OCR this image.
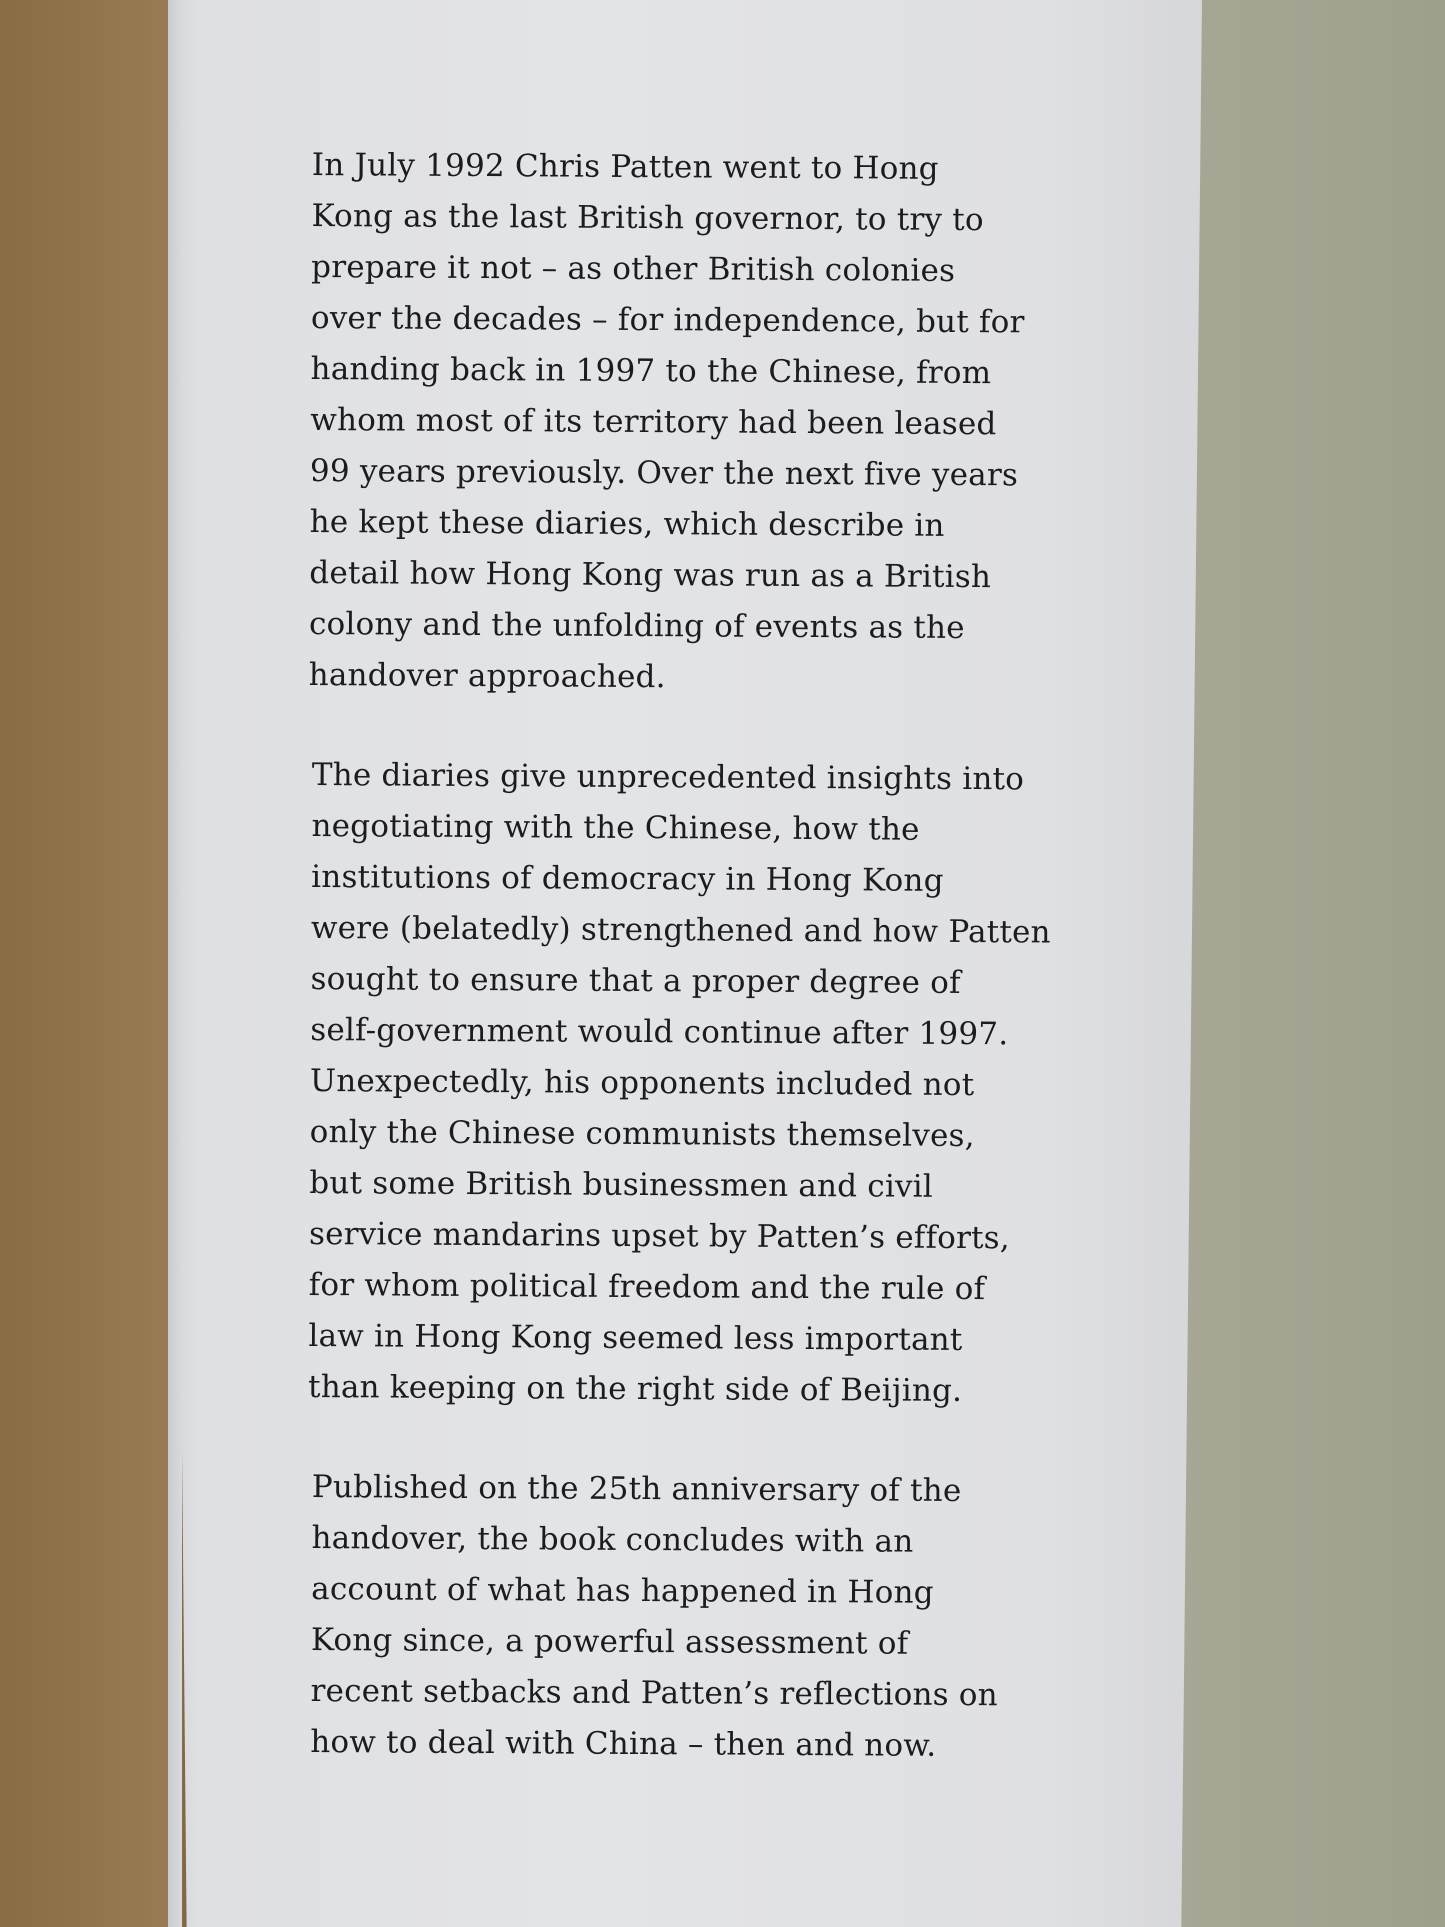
In July 1992 Chris Patten went to Hong
Kong as the last British governor, to try to
prepare it not – as other British colonies
over the decades – for independence, but for
handing back in 1997 to the Chinese, from
whom most of its territory had been leased
99 years previously. Over the next five years
he kept these diaries, which describe in
detail how Hong Kong was run as a British
colony and the unfolding of events as the
handover approached.

The diaries give unprecedented insights into
negotiating with the Chinese, how the
institutions of democracy in Hong Kong
were (belatedly) strengthened and how Patten
sought to ensure that a proper degree of
self-government would continue after 1997.
Unexpectedly, his opponents included not
only the Chinese communists themselves,
but some British businessmen and civil
service mandarins upset by Patten’s efforts,
for whom political freedom and the rule of
law in Hong Kong seemed less important
than keeping on the right side of Beijing.

Published on the 25th anniversary of the
handover, the book concludes with an
account of what has happened in Hong
Kong since, a powerful assessment of
recent setbacks and Patten’s reflections on
how to deal with China – then and now.
